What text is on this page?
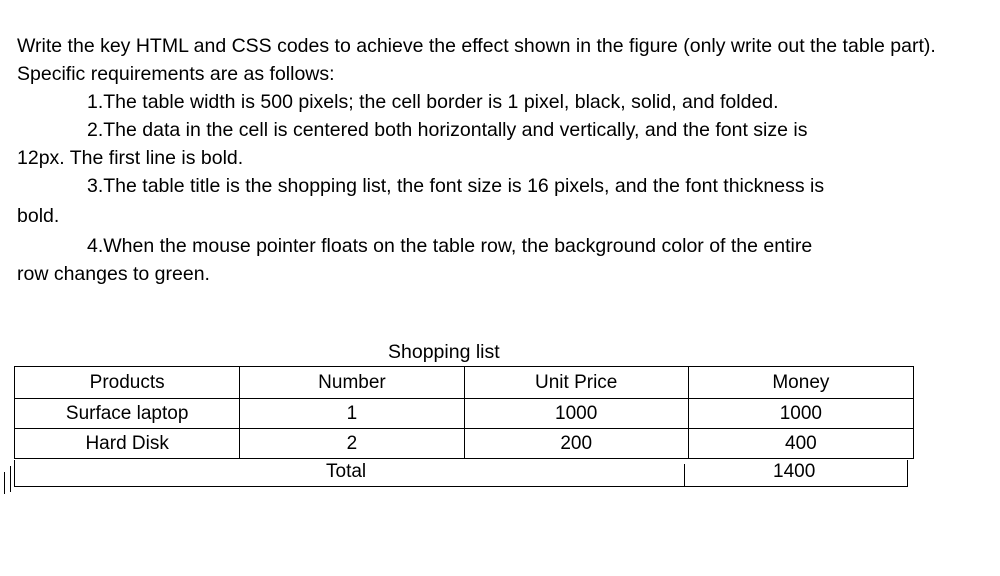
Write the key HTML and CSS codes to achieve the effect shown in the figure (only write out the table part).

Specific requirements are as follows:

1.The table width is 500 pixels; the cell border is 1 pixel, black, solid, and folded.

2.The data in the cell is centered both horizontally and vertically, and the font size is

12px. The first line is bold.

3.The table title is the shopping list, the font size is 16 pixels, and the font thickness is

bold.

4.When the mouse pointer floats on the table row, the background color of the entire

row changes to green.

Shopping list
Products	Number	Unit Price	Money
Surface laptop	1	1000	1000
Hard Disk	2	200	400
Total	1400
